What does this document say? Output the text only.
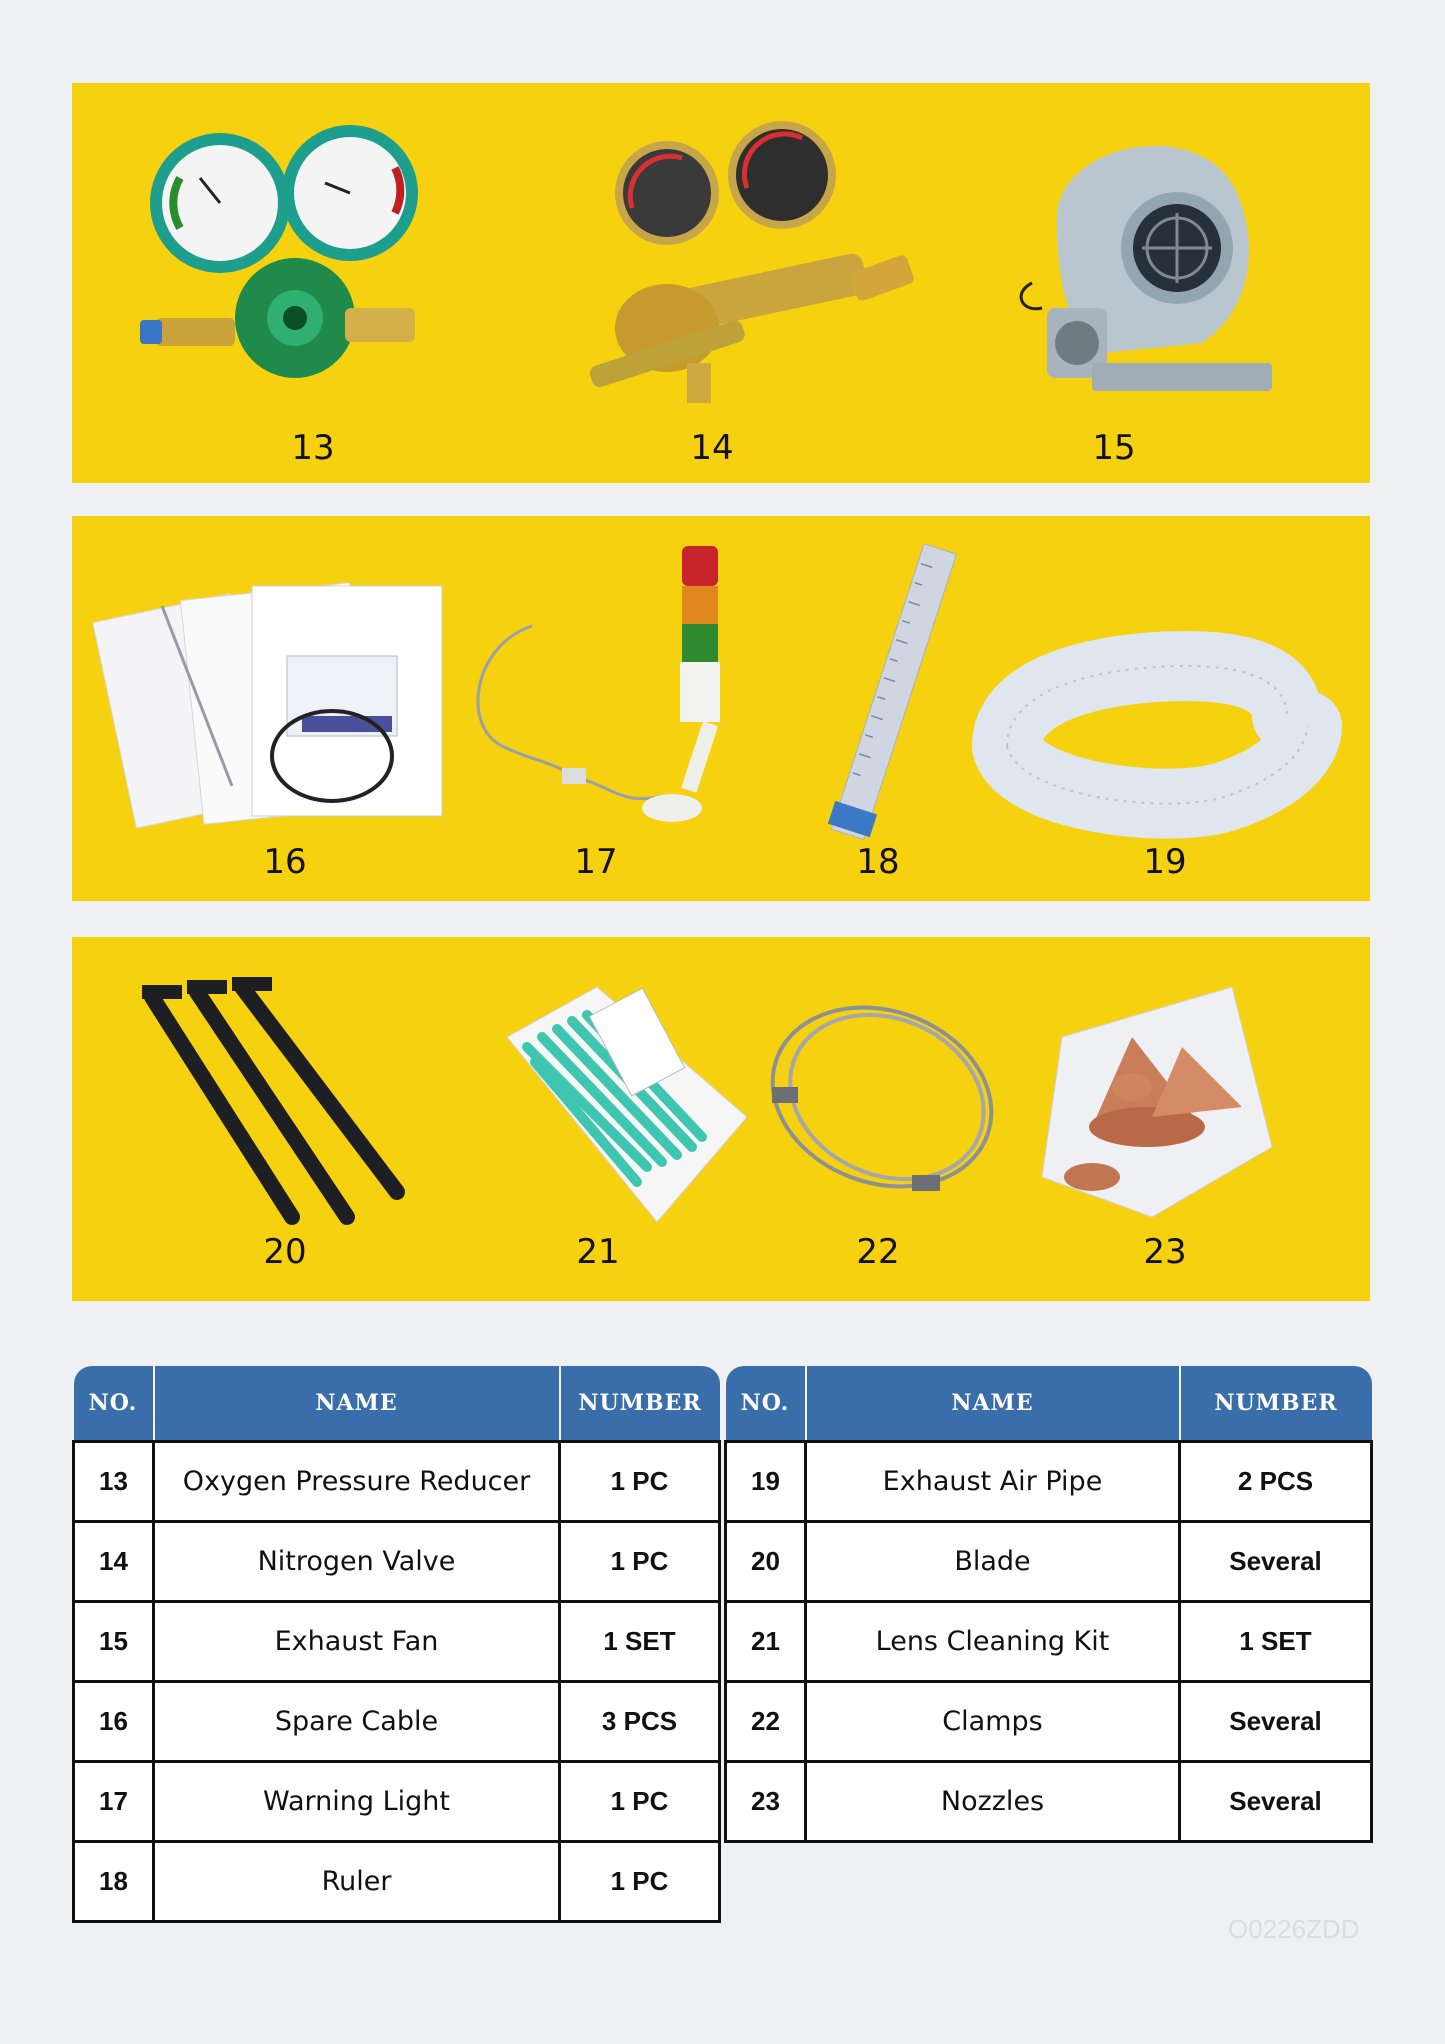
13	14	15
16	17	18	19
20	21	22	23
NO.	NAME	NUMBER
13	Oxygen Pressure Reducer	1 PC
14	Nitrogen Valve	1 PC
15	Exhaust Fan	1 SET
16	Spare Cable	3 PCS
17	Warning Light	1 PC
18	Ruler	1 PC
NO.	NAME	NUMBER
19	Exhaust Air Pipe	2 PCS
20	Blade	Several
21	Lens Cleaning Kit	1 SET
22	Clamps	Several
23	Nozzles	Several
O0226ZDD
